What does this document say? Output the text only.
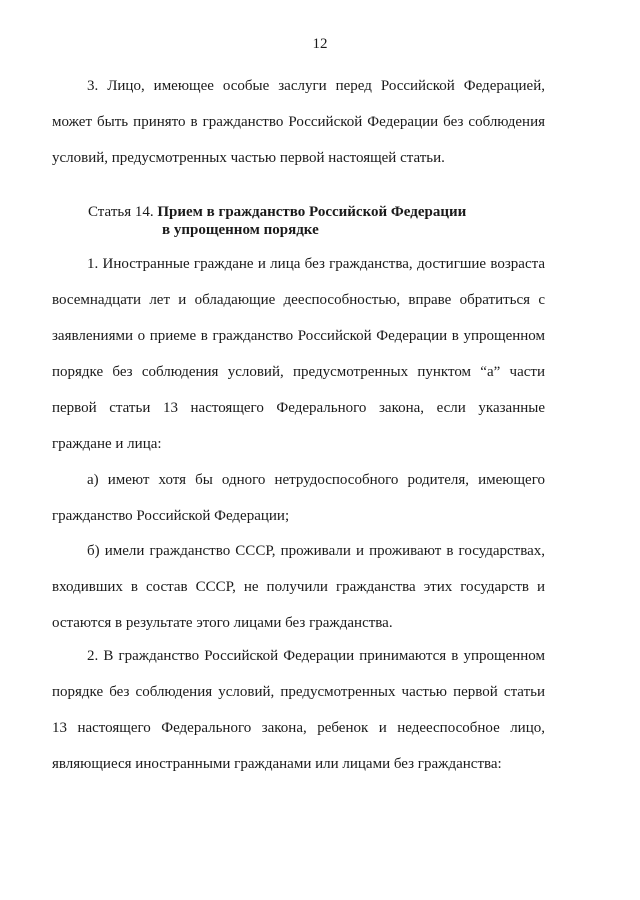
12

3. Лицо, имеющее особые заслуги перед Российской Федерацией, может быть принято в гражданство Российской Федерации без соблюдения условий, предусмотренных частью первой настоящей статьи.

Статья 14. Прием в гражданство Российской Федерации
в упрощенном порядке

1. Иностранные граждане и лица без гражданства, достигшие возраста восемнадцати лет и обладающие дееспособностью, вправе обратиться с заявлениями о приеме в гражданство Российской Федерации в упрощенном порядке без соблюдения условий, предусмотренных пунктом “а” части первой статьи 13 настоящего Федерального закона, если указанные граждане и лица:

а) имеют хотя бы одного нетрудоспособного родителя, имеющего гражданство Российской Федерации;

б) имели гражданство СССР, проживали и проживают в государствах, входивших в состав СССР, не получили гражданства этих государств и остаются в результате этого лицами без гражданства.

2. В гражданство Российской Федерации принимаются в упрощенном порядке без соблюдения условий, предусмотренных частью первой статьи 13 настоящего Федерального закона, ребенок и недееспособное лицо, являющиеся иностранными гражданами или лицами без гражданства:
